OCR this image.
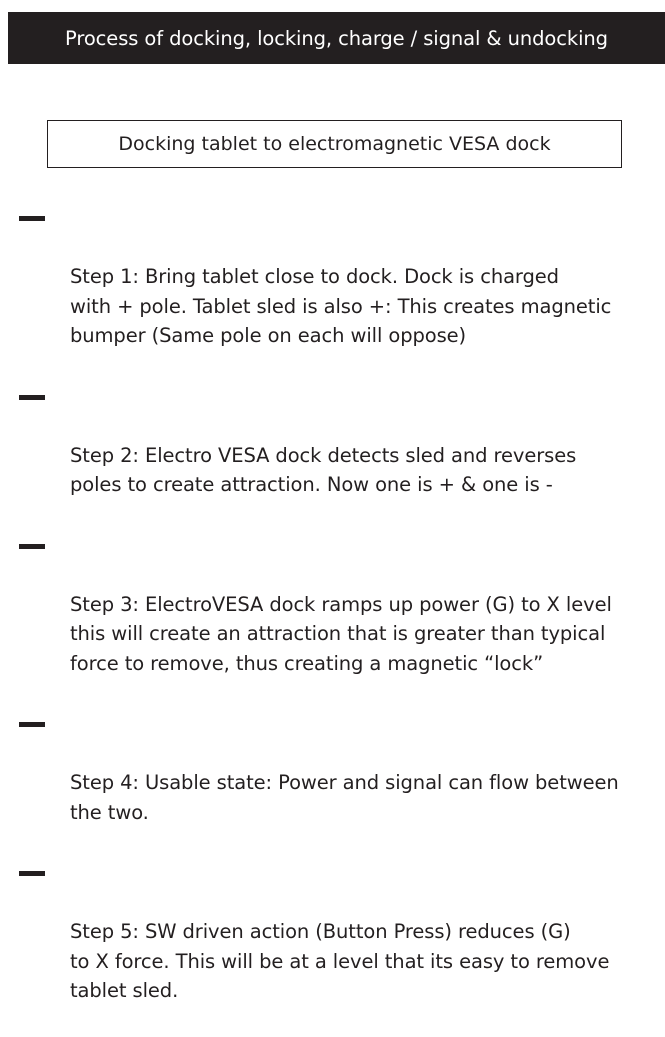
Process of docking, locking, charge / signal & undocking
Docking tablet to electromagnetic VESA dock

Step 1: Bring tablet close to dock. Dock is charged
with + pole. Tablet sled is also +: This creates magnetic
bumper (Same pole on each will oppose)

Step 2: Electro VESA dock detects sled and reverses
poles to create attraction. Now one is + & one is -

Step 3: ElectroVESA dock ramps up power (G) to X level
this will create an attraction that is greater than typical
force to remove, thus creating a magnetic “lock”

Step 4: Usable state: Power and signal can flow between
the two.

Step 5: SW driven action (Button Press) reduces (G)
to X force. This will be at a level that its easy to remove
tablet sled.
